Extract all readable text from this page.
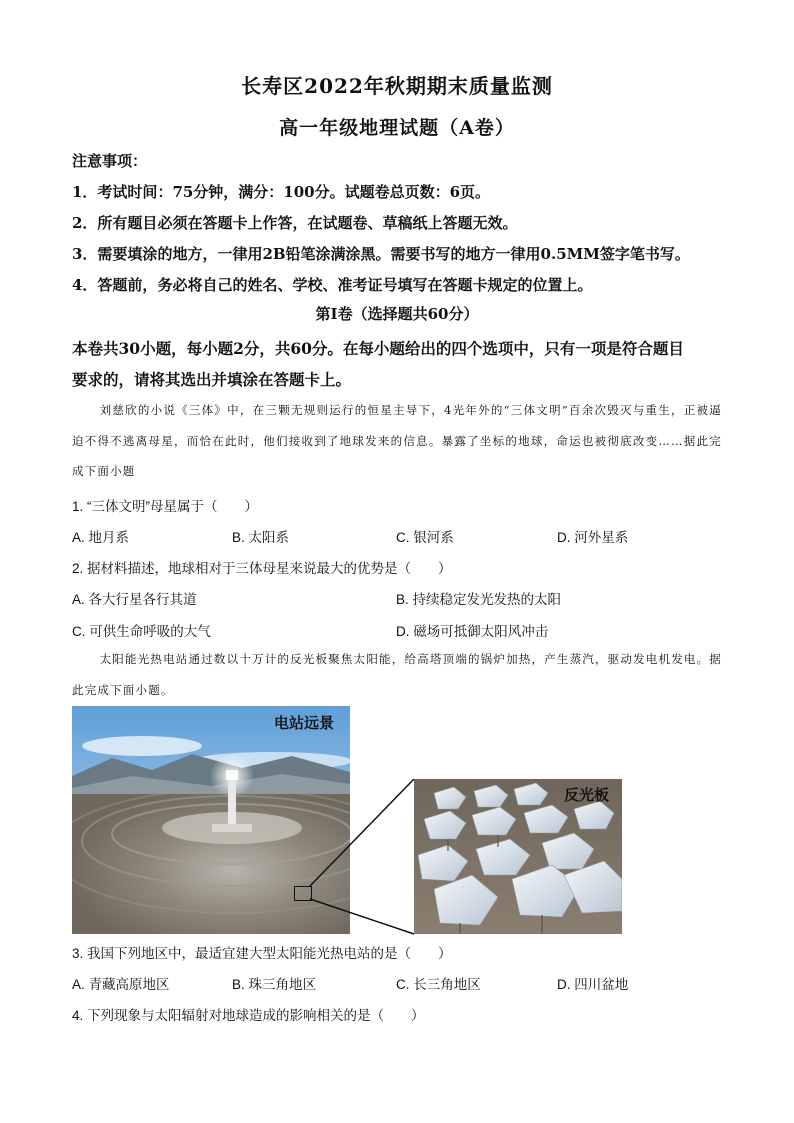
长寿区2022年秋期期末质量监测
高一年级地理试题（A卷）
注意事项：
1．考试时间：75分钟，满分：100分。试题卷总页数：6页。
2．所有题目必须在答题卡上作答，在试题卷、草稿纸上答题无效。
3．需要填涂的地方，一律用2B铅笔涂满涂黑。需要书写的地方一律用0.5MM签字笔书写。
4．答题前，务必将自己的姓名、学校、准考证号填写在答题卡规定的位置上。
第Ⅰ卷（选择题共60分）
本卷共30小题，每小题2分，共60分。在每小题给出的四个选项中，只有一项是符合题目
要求的，请将其选出并填涂在答题卡上。

刘慈欣的小说《三体》中，在三颗无规则运行的恒星主导下，4光年外的“三体文明”百余次毁灭与重生，正被逼迫不得不逃离母星，而恰在此时，他们接收到了地球发来的信息。暴露了坐标的地球，命运也被彻底改变……据此完成下面小题

1. “三体文明”母星属于（　　）
A. 地月系	B. 太阳系	C. 银河系	D. 河外星系
2. 据材料描述，地球相对于三体母星来说最大的优势是（　　）
A. 各大行星各行其道	B. 持续稳定发光发热的太阳
C. 可供生命呼吸的大气	D. 磁场可抵御太阳风冲击

太阳能光热电站通过数以十万计的反光板聚焦太阳能，给高塔顶端的锅炉加热，产生蒸汽，驱动发电机发电。据此完成下面小题。

电站远景
反光板
3. 我国下列地区中，最适宜建大型太阳能光热电站的是（　　）
A. 青藏高原地区	B. 珠三角地区	C. 长三角地区	D. 四川盆地
4. 下列现象与太阳辐射对地球造成的影响相关的是（　　）
